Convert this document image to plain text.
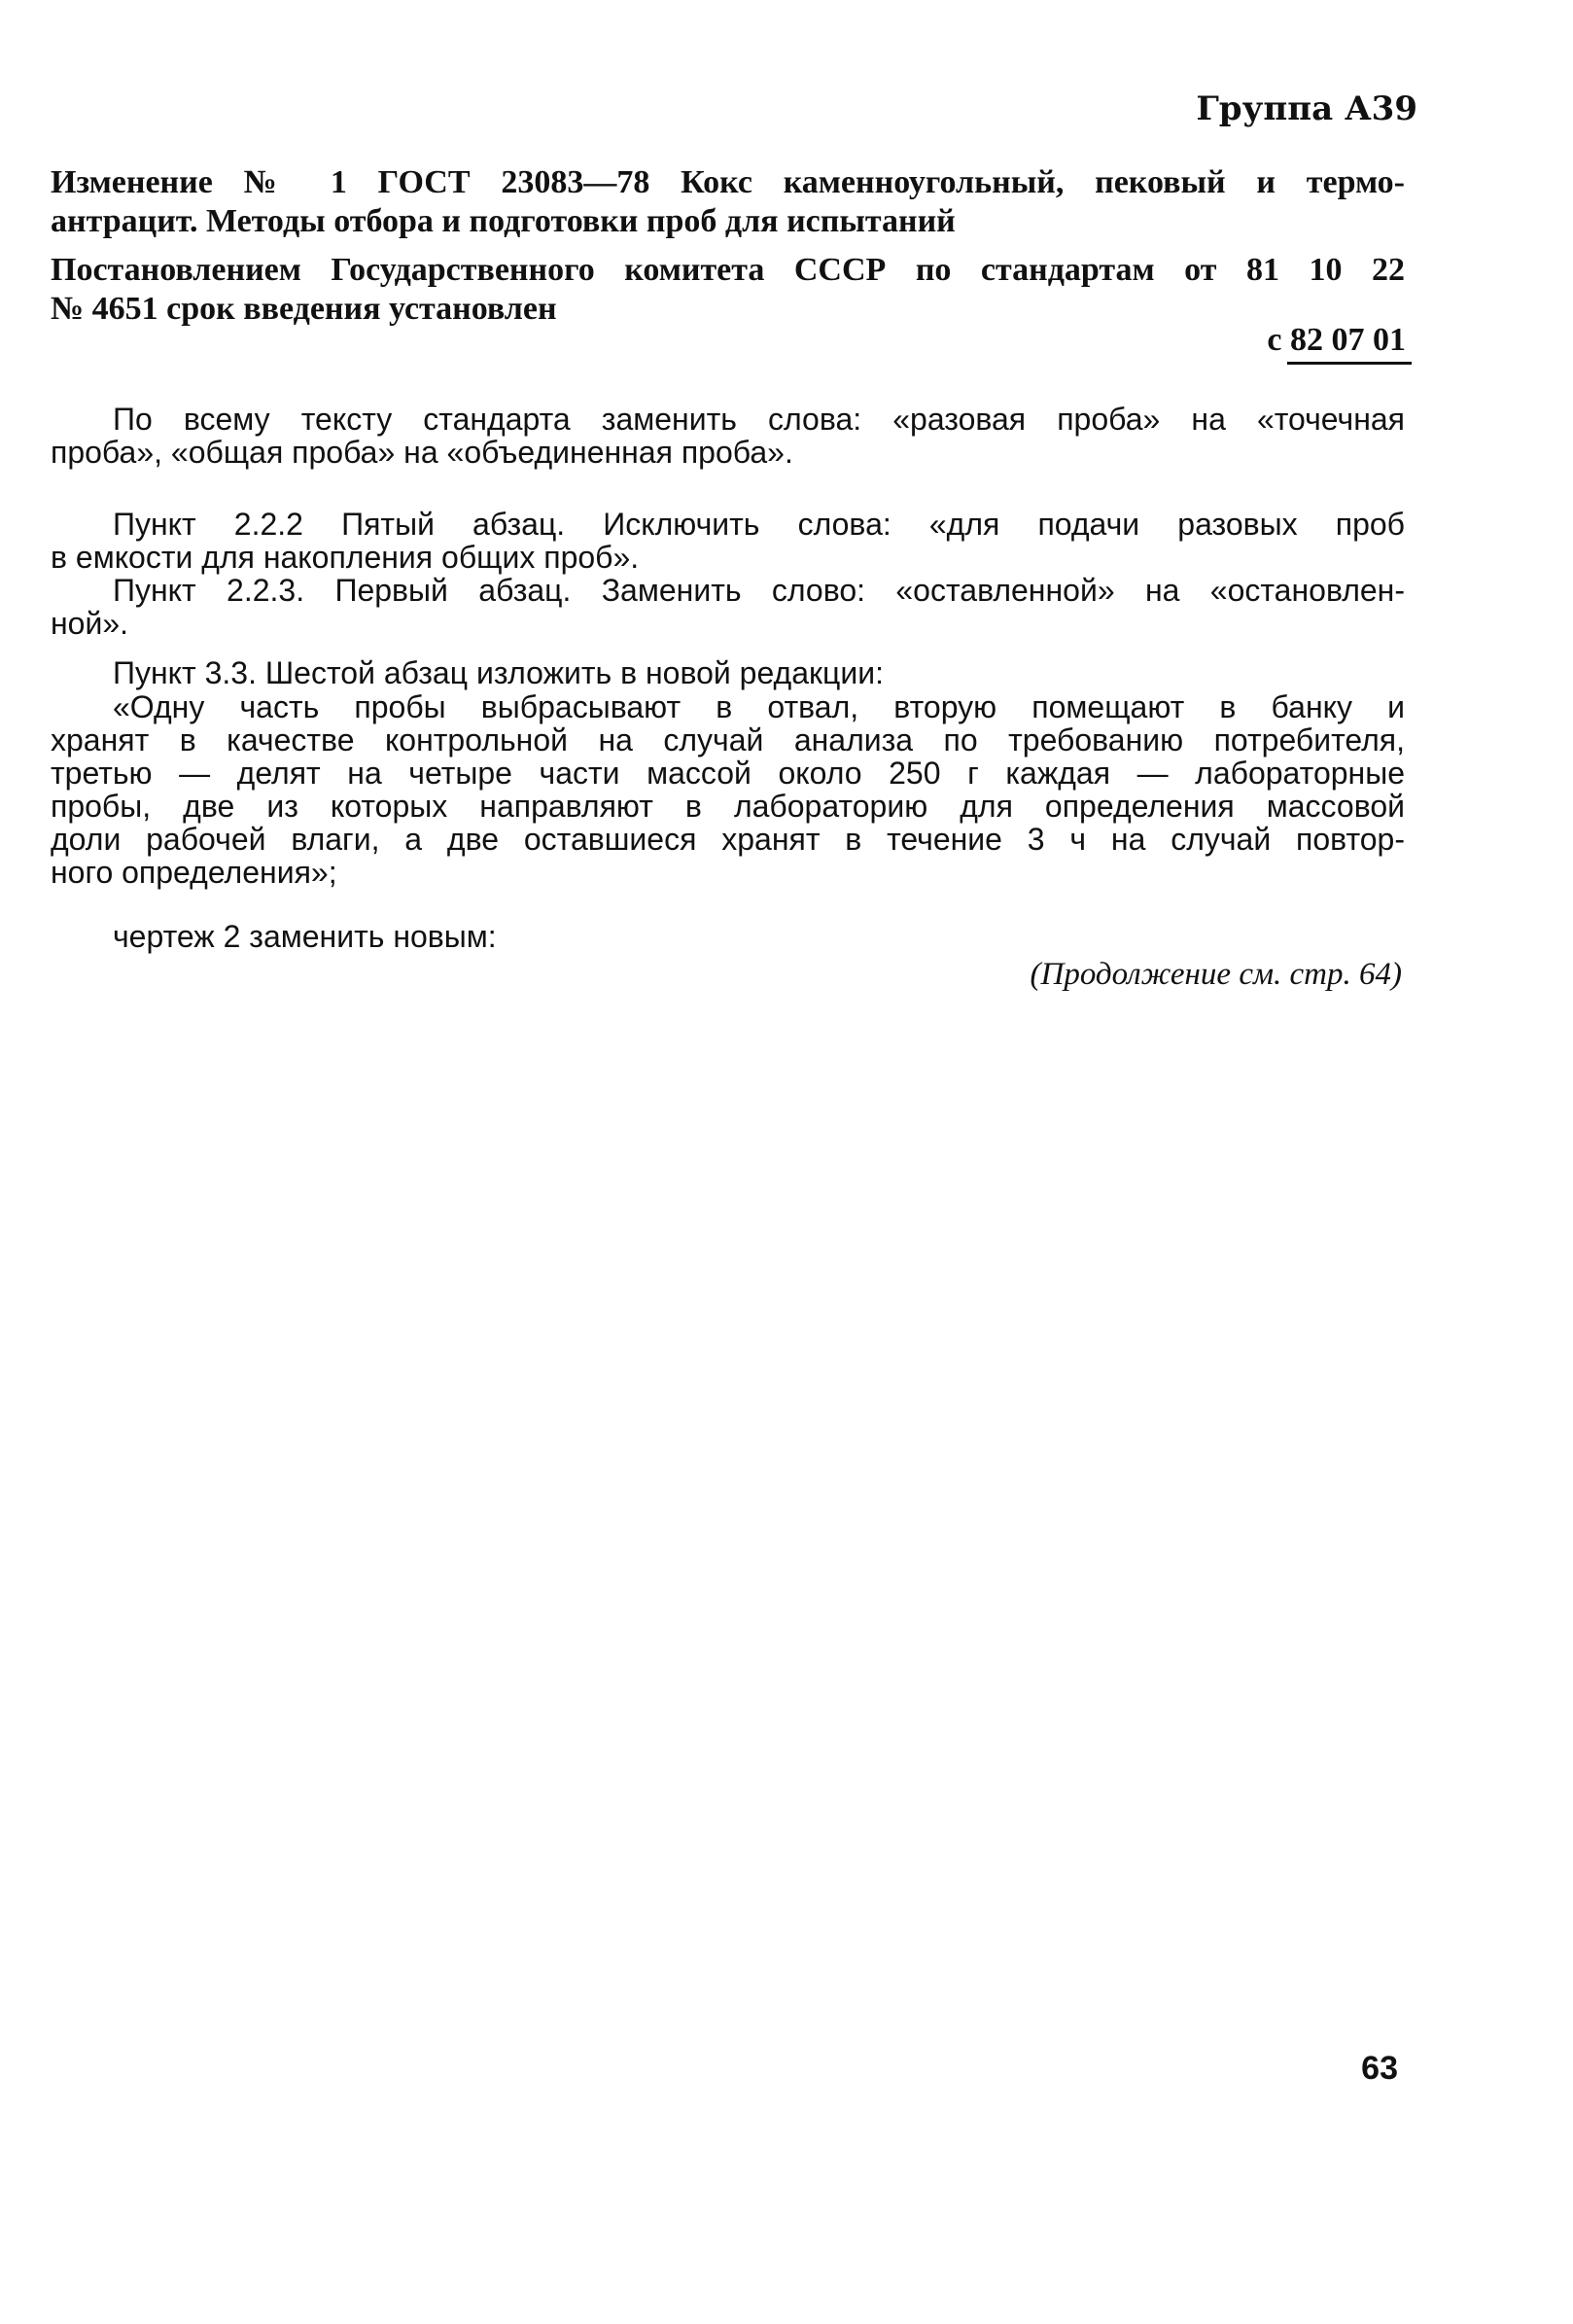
Группа А39
Изменение № 1 ГОСТ 23083—78 Кокс каменноугольный, пековый и термо-
антрацит. Методы отбора и подготовки проб для испытаний
Постановлением Государственного комитета СССР по стандартам от 81 10 22
№ 4651 срок введения установлен
с 82 07 01
По всему тексту стандарта заменить слова: «разовая проба» на «точечная
проба», «общая проба» на «объединенная проба».
Пункт 2.2.2 Пятый абзац. Исключить слова: «для подачи разовых проб
в емкости для накопления общих проб».
Пункт 2.2.3. Первый абзац. Заменить слово: «оставленной» на «остановлен-
ной».
Пункт 3.3. Шестой абзац изложить в новой редакции:
«Одну часть пробы выбрасывают в отвал, вторую помещают в банку и
хранят в качестве контрольной на случай анализа по требованию потребителя,
третью — делят на четыре части массой около 250 г каждая — лабораторные
пробы, две из которых направляют в лабораторию для определения массовой
доли рабочей влаги, а две оставшиеся хранят в течение 3 ч на случай повтор-
ного определения»;
чертеж 2 заменить новым:
(Продолжение см. стр. 64)
63
